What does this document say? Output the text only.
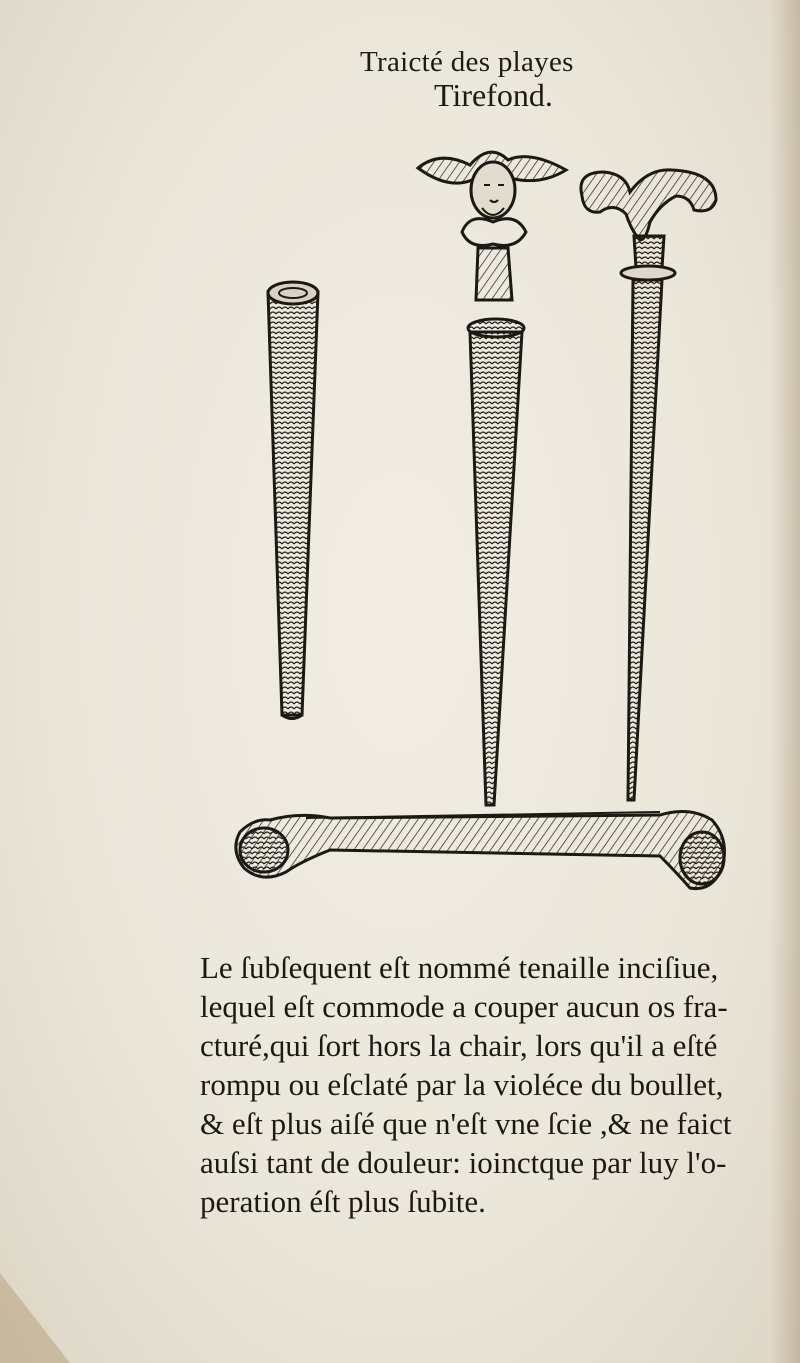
Traicté des playes
Tirefond.

Le ſubſequent eſt nommé tenaille inciſiue,
lequel eſt commode a couper aucun os fra-
cturé,qui ſort hors la chair, lors qu'il a eſté
rompu ou eſclaté par la violéce du boullet,
& eſt plus aiſé que n'eſt vne ſcie ,& ne faict
auſsi tant de douleur: ioinctque par luy l'o-
peration éſt plus ſubite.
